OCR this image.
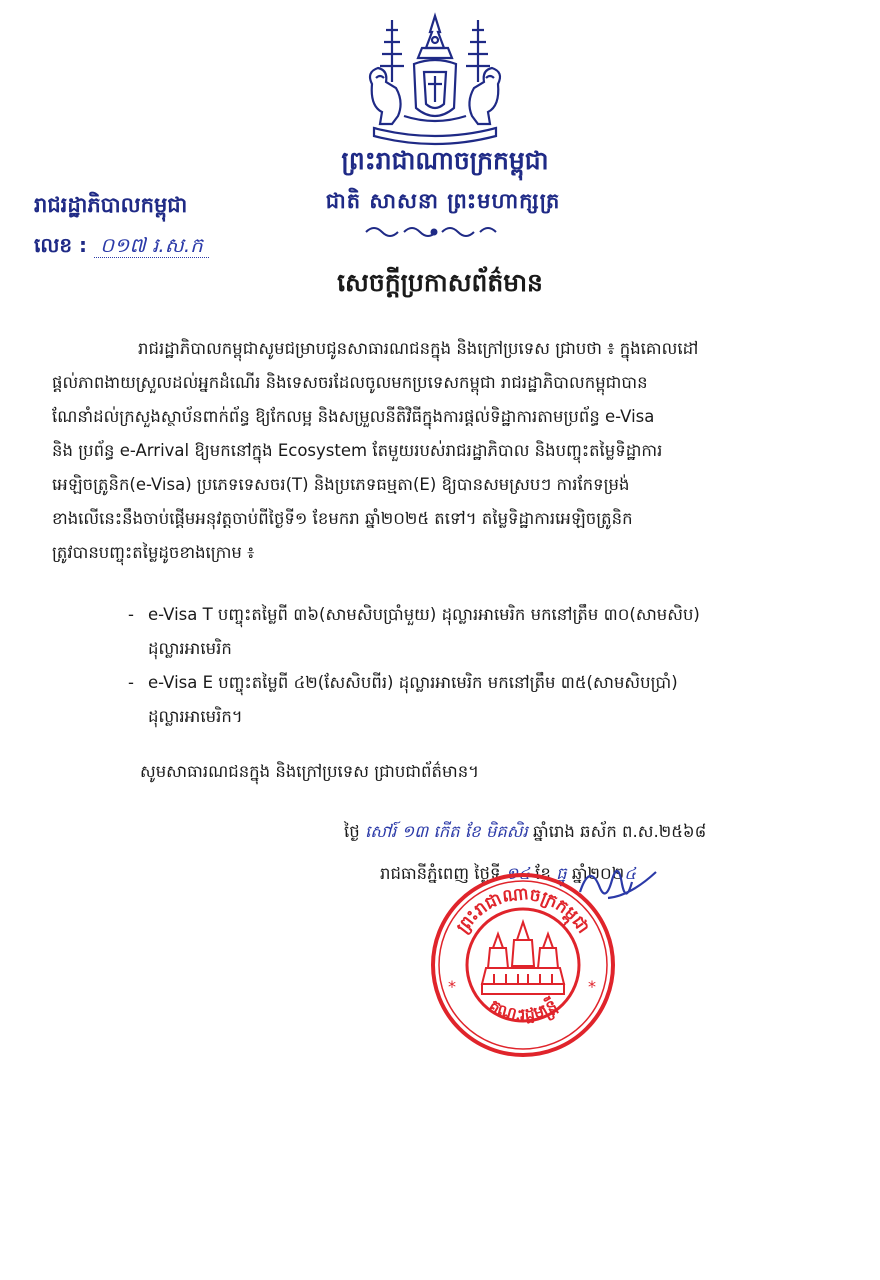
ព្រះរាជាណាចក្រកម្ពុជា
ជាតិ សាសនា ព្រះមហាក្សត្រ
រាជរដ្ឋាភិបាលកម្ពុជា
លេខ : ០១៧ រ.ស.ក
សេចក្តីប្រកាសព័ត៌មាន
រាជរដ្ឋាភិបាលកម្ពុជាសូមជម្រាបជូនសាធារណជនក្នុង និងក្រៅប្រទេស ជ្រាបថា ៖ ក្នុងគោលដៅ
ផ្តល់ភាពងាយស្រួលដល់អ្នកដំណើរ និងទេសចរដែលចូលមកប្រទេសកម្ពុជា រាជរដ្ឋាភិបាលកម្ពុជាបាន
ណែនាំដល់ក្រសួងស្ថាប័នពាក់ព័ន្ធ ឱ្យកែលម្អ និងសម្រួលនីតិវិធីក្នុងការផ្តល់ទិដ្ឋាការតាមប្រព័ន្ធ e-Visa
និង ប្រព័ន្ធ e-Arrival ឱ្យមកនៅក្នុង Ecosystem តែមួយរបស់រាជរដ្ឋាភិបាល និងបញ្ចុះតម្លៃទិដ្ឋាការ
អេឡិចត្រូនិក(e-Visa) ប្រភេទទេសចរ(T) និងប្រភេទធម្មតា(E) ឱ្យបានសមស្របៗ ការកែទម្រង់
ខាងលើនេះនឹងចាប់ផ្តើមអនុវត្តចាប់ពីថ្ងៃទី១ ខែមករា ឆ្នាំ២០២៥ តទៅ។ តម្លៃទិដ្ឋាការអេឡិចត្រូនិក
ត្រូវបានបញ្ចុះតម្លៃដូចខាងក្រោម ៖
- e-Visa T បញ្ចុះតម្លៃពី ៣៦(សាមសិបប្រាំមួយ) ដុល្លារអាមេរិក មកនៅត្រឹម ៣០(សាមសិប)
ដុល្លារអាមេរិក
- e-Visa E បញ្ចុះតម្លៃពី ៤២(សែសិបពីរ) ដុល្លារអាមេរិក មកនៅត្រឹម ៣៥(សាមសិបប្រាំ)
ដុល្លារអាមេរិក។
សូមសាធារណជនក្នុង និងក្រៅប្រទេស ជ្រាបជាព័ត៌មាន។
ថ្ងៃ សៅរ៍ ១៣ កើត ខែ មិគសិរ ឆ្នាំរោង ឆស័ក ព.ស.២៥៦៨
រាជធានីភ្នំពេញ ថ្ងៃទី ១៤ ខែ ធ្នូ ឆ្នាំ២០២៤
ព្រះរាជាណាចក្រកម្ពុជា
គណៈរដ្ឋមន្ត្រី
*	*
